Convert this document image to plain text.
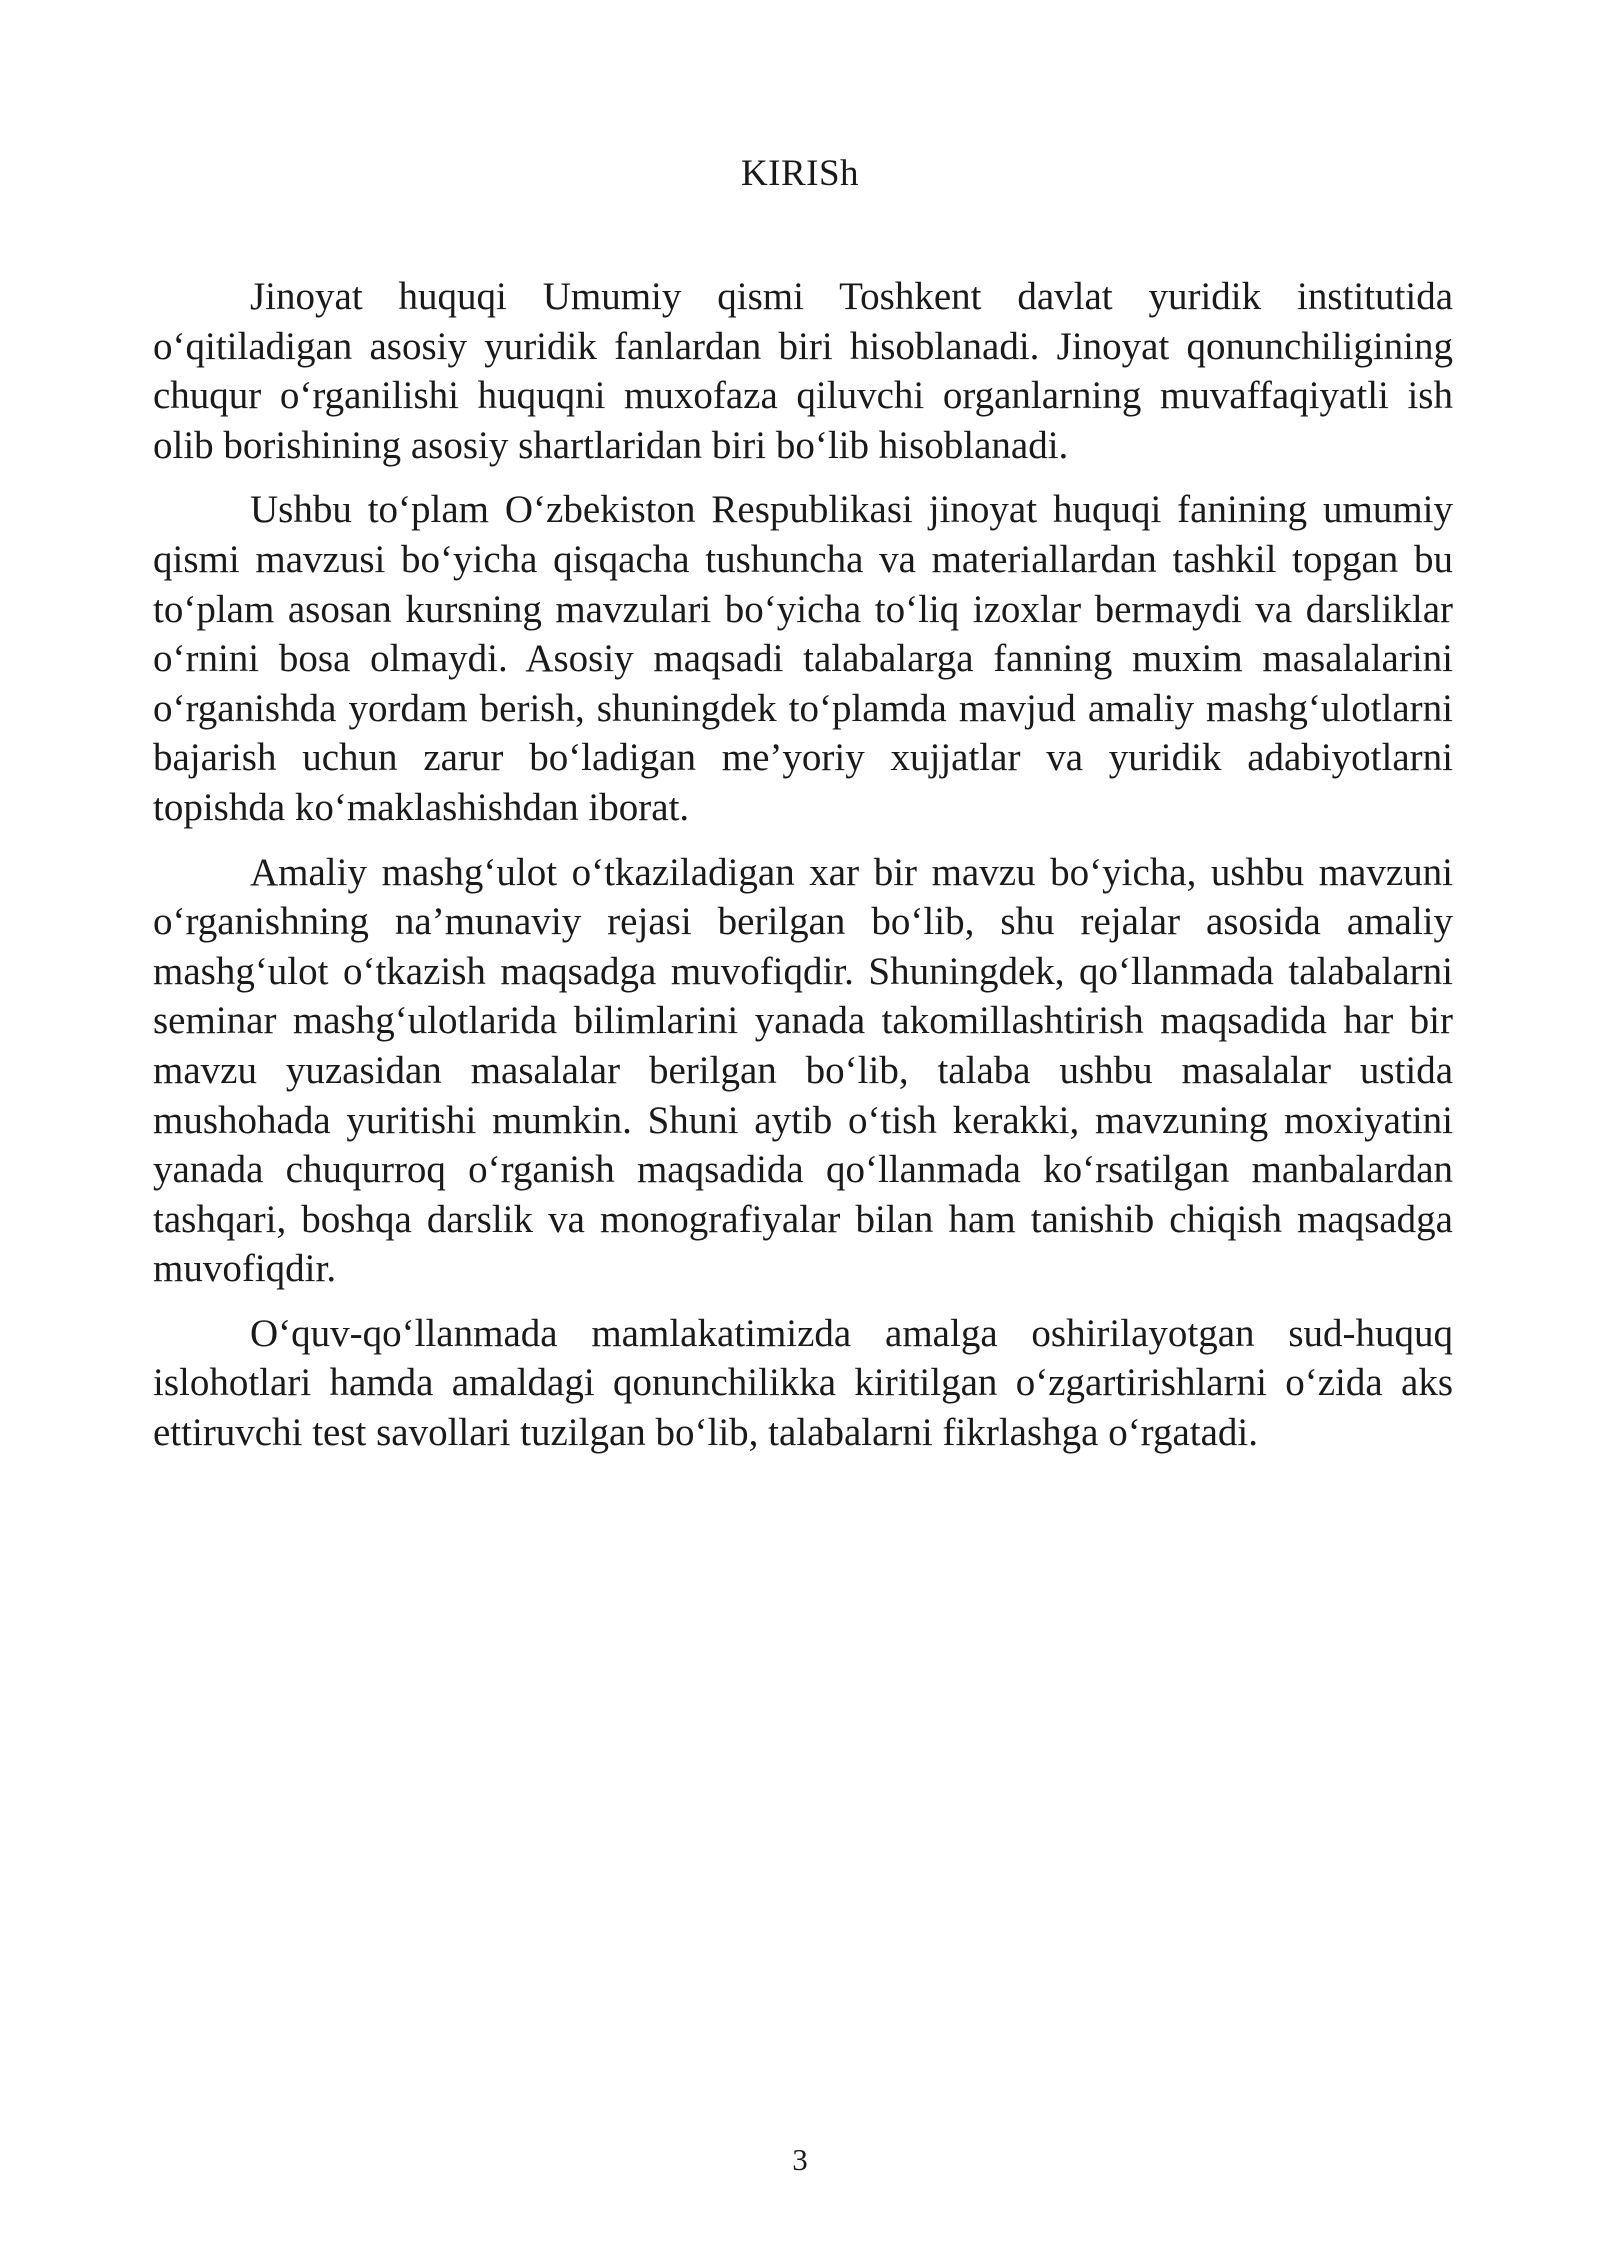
KIRISh

Jinoyat huquqi Umumiy qismi Toshkent davlat yuridik institutida o‘qitiladigan asosiy yuridik fanlardan biri hisoblanadi. Jinoyat qonunchiligining chuqur o‘rganilishi huquqni muxofaza qiluvchi organlarning muvaffaqiyatli ish olib borishining asosiy shartlaridan biri bo‘lib hisoblanadi.

Ushbu to‘plam O‘zbekiston Respublikasi jinoyat huquqi fanining umumiy qismi mavzusi bo‘yicha qisqacha tushuncha va materiallardan tashkil topgan bu to‘plam asosan kursning mavzulari bo‘yicha to‘liq izoxlar bermaydi va darsliklar o‘rnini bosa olmaydi. Asosiy maqsadi talabalarga fanning muxim masalalarini o‘rganishda yordam berish, shuningdek to‘plamda mavjud amaliy mashg‘ulotlarni bajarish uchun zarur bo‘ladigan me’yoriy xujjatlar va yuridik adabiyotlarni topishda ko‘maklashishdan iborat.

Amaliy mashg‘ulot o‘tkaziladigan xar bir mavzu bo‘yicha, ushbu mavzuni o‘rganishning na’munaviy rejasi berilgan bo‘lib, shu rejalar asosida amaliy mashg‘ulot o‘tkazish maqsadga muvofiqdir. Shuningdek, qo‘llanmada talabalarni seminar mashg‘ulotlarida bilimlarini yanada takomillashtirish maqsadida har bir mavzu yuzasidan masalalar berilgan bo‘lib, talaba ushbu masalalar ustida mushohada yuritishi mumkin. Shuni aytib o‘tish kerakki, mavzuning moxiyatini yanada chuqurroq o‘rganish maqsadida qo‘llanmada ko‘rsatilgan manbalardan tashqari, boshqa darslik va monografiyalar bilan ham tanishib chiqish maqsadga muvofiqdir.

O‘quv-qo‘llanmada mamlakatimizda amalga oshirilayotgan sud-huquq islohotlari hamda amaldagi qonunchilikka kiritilgan o‘zgartirishlarni o‘zida aks ettiruvchi test savollari tuzilgan bo‘lib, talabalarni fikrlashga o‘rgatadi.

3
